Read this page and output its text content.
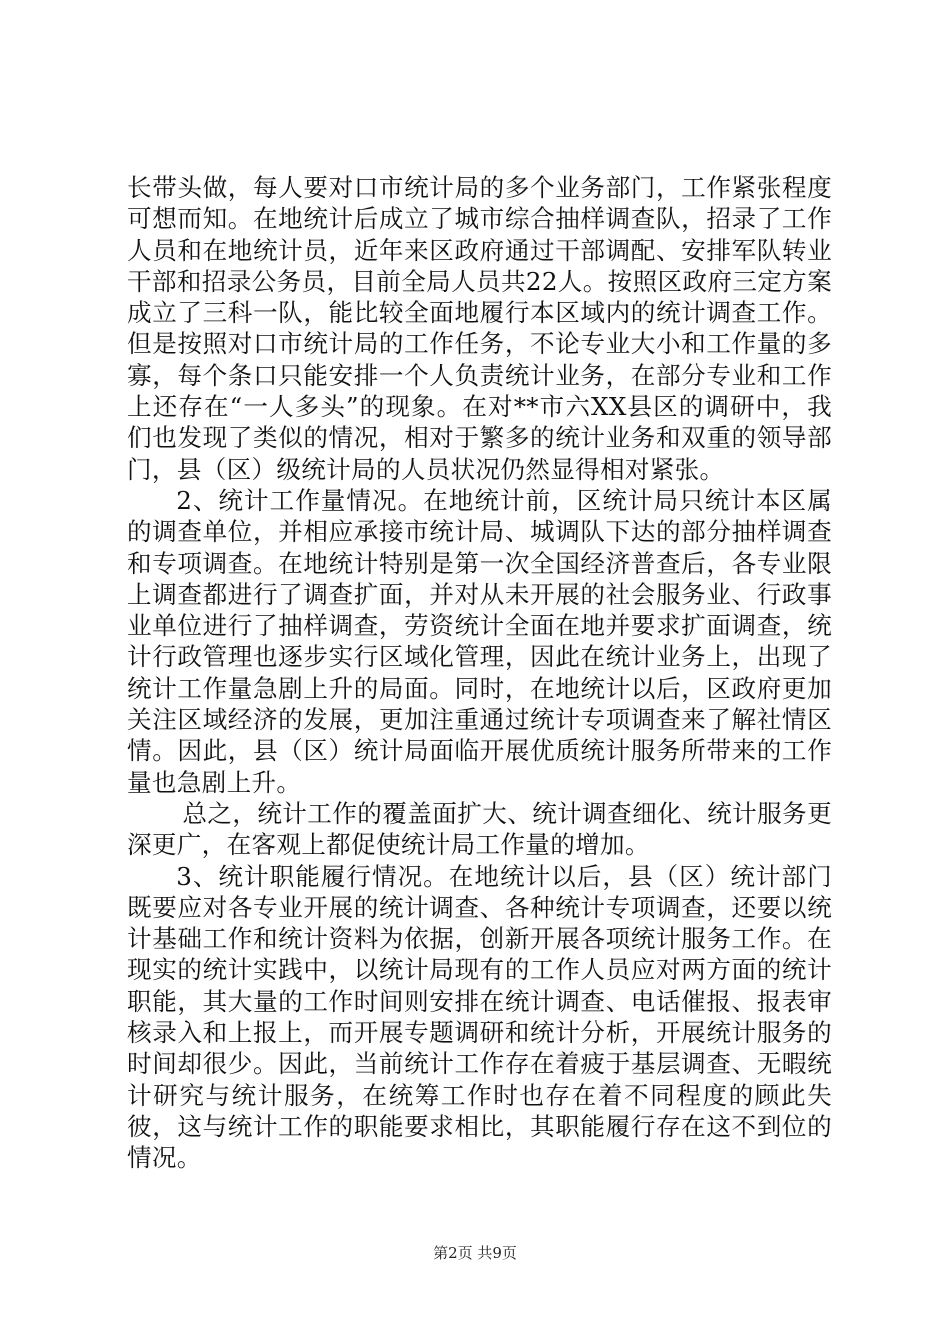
长带头做，每人要对口市统计局的多个业务部门，工作紧张程度可想而知。在地统计后成立了城市综合抽样调查队，招录了工作人员和在地统计员，近年来区政府通过干部调配、安排军队转业干部和招录公务员，目前全局人员共22人。按照区政府三定方案成立了三科一队，能比较全面地履行本区域内的统计调查工作。但是按照对口市统计局的工作任务，不论专业大小和工作量的多寡，每个条口只能安排一个人负责统计业务，在部分专业和工作上还存在“一人多头”的现象。在对**市六XX县区的调研中，我们也发现了类似的情况，相对于繁多的统计业务和双重的领导部门，县（区）级统计局的人员状况仍然显得相对紧张。

2、统计工作量情况。在地统计前，区统计局只统计本区属的调查单位，并相应承接市统计局、城调队下达的部分抽样调查和专项调查。在地统计特别是第一次全国经济普查后，各专业限上调查都进行了调查扩面，并对从未开展的社会服务业、行政事业单位进行了抽样调查，劳资统计全面在地并要求扩面调查，统计行政管理也逐步实行区域化管理，因此在统计业务上，出现了统计工作量急剧上升的局面。同时，在地统计以后，区政府更加关注区域经济的发展，更加注重通过统计专项调查来了解社情区情。因此，县（区）统计局面临开展优质统计服务所带来的工作量也急剧上升。

总之，统计工作的覆盖面扩大、统计调查细化、统计服务更深更广，在客观上都促使统计局工作量的增加。

3、统计职能履行情况。在地统计以后，县（区）统计部门既要应对各专业开展的统计调查、各种统计专项调查，还要以统计基础工作和统计资料为依据，创新开展各项统计服务工作。在现实的统计实践中，以统计局现有的工作人员应对两方面的统计职能，其大量的工作时间则安排在统计调查、电话催报、报表审核录入和上报上，而开展专题调研和统计分析，开展统计服务的时间却很少。因此，当前统计工作存在着疲于基层调查、无暇统计研究与统计服务，在统筹工作时也存在着不同程度的顾此失彼，这与统计工作的职能要求相比，其职能履行存在这不到位的情况。

第2页 共9页
